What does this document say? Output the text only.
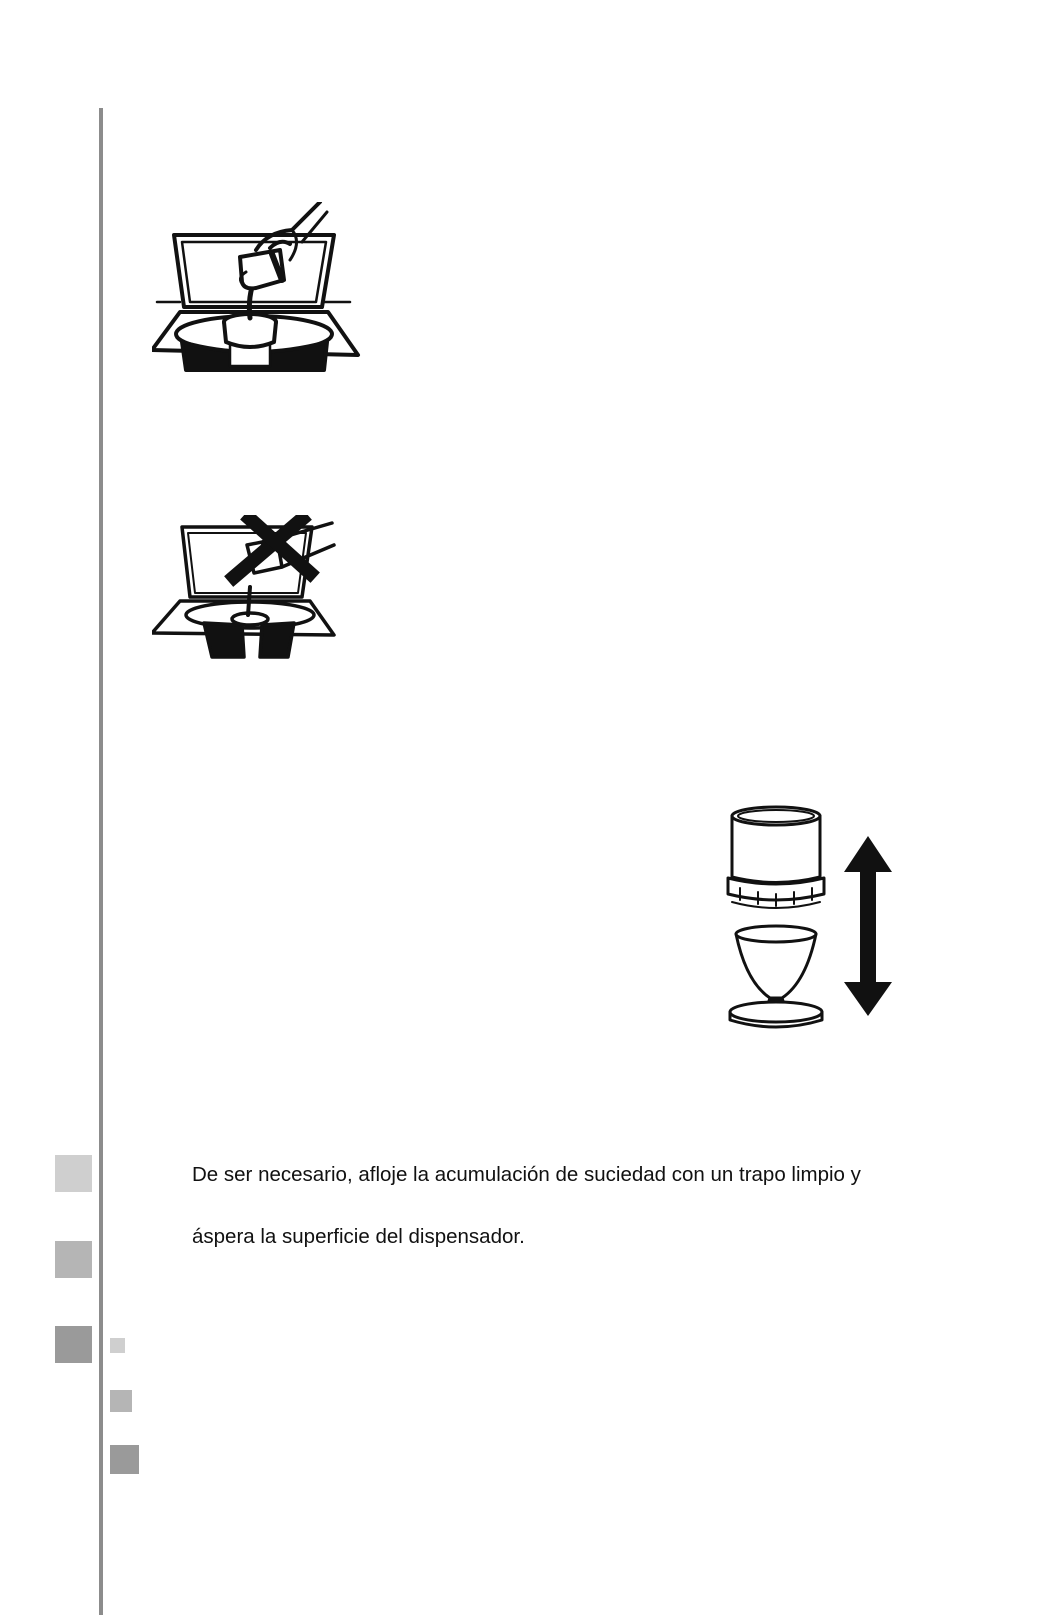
De ser necesario, afloje la acumulación de suciedad con un trapo limpio y
áspera la superficie del dispensador.
